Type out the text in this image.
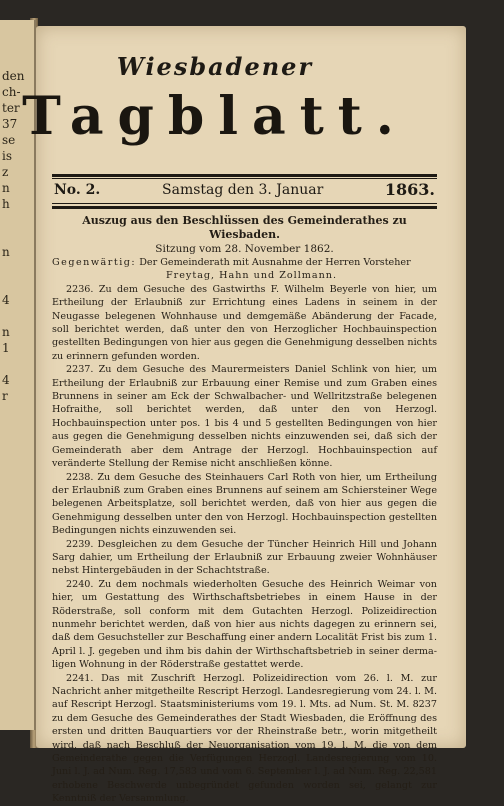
den
ch-
ter
37
se
is
z
n
h

n

4

n
1

4
r
Wiesbadener
Tagblatt.
No. 2.	Samstag den 3. Januar	1863.
Auszug aus den Beschlüssen des Gemeinderathes zu Wiesbaden.
Sitzung vom 28. November 1862.

Gegenwärtig: Der Gemeinderath mit Ausnahme der Herren Vorsteher

Freytag, Hahn und Zollmann.

2236. Zu dem Gesuche des Gastwirths F. Wilhelm Beyerle von hier, um Ertheilung der Erlaubniß zur Errichtung eines Ladens in seinem in der Neugasse belegenen Wohnhause und demgemäße Abänderung der Facade, soll berichtet werden, daß unter den von Herzoglicher Hochbauinspection gestellten Bedingungen von hier aus gegen die Genehmigung desselben nichts zu erinnern gefunden worden.

2237. Zu dem Gesuche des Maurermeisters Daniel Schlink von hier, um Ertheilung der Erlaubniß zur Erbauung einer Remise und zum Graben eines Brunnens in seiner am Eck der Schwalbacher- und Wellritzstraße belegenen Hofraithe, soll berichtet werden, daß unter den von Herzogl. Hochbauinspection unter pos. 1 bis 4 und 5 gestellten Bedingungen von hier aus gegen die Genehmigung desselben nichts einzuwenden sei, daß sich der Gemeinderath aber dem Antrage der Herzogl. Hochbauinspection auf veränderte Stellung der Remise nicht anschließen könne.

2238. Zu dem Gesuche des Steinhauers Carl Roth von hier, um Ertheilung der Erlaubniß zum Graben eines Brunnens auf seinem am Schiersteiner Wege belegenen Arbeitsplatze, soll berichtet werden, daß von hier aus gegen die Genehmigung desselben unter den von Herzogl. Hochbauinspection gestellten Bedingungen nichts einzuwenden sei.

2239. Desgleichen zu dem Gesuche der Tüncher Heinrich Hill und Johann Sarg dahier, um Ertheilung der Erlaubniß zur Erbauung zweier Wohnhäuser nebst Hintergebäuden in der Schachtstraße.

2240. Zu dem nochmals wiederholten Gesuche des Heinrich Weimar von hier, um Gestattung des Wirthschaftsbetriebes in einem Hause in der Röderstraße, soll conform mit dem Gutachten Herzogl. Polizeidirection nunmehr berichtet werden, daß von hier aus nichts dagegen zu erinnern sei, daß dem Gesuchsteller zur Beschaffung einer andern Localität Frist bis zum 1. April l. J. gegeben und ihm bis dahin der Wirthschaftsbetrieb in seiner dermaligen Wohnung in der Röderstraße gestattet werde.

2241. Das mit Zuschrift Herzogl. Polizeidirection vom 26. l. M. zur Nachricht anher mitgetheilte Rescript Herzogl. Landesregierung vom 24. l. M. auf Rescript Herzogl. Staatsministeriums vom 19. l. Mts. ad Num. St. M. 8237 zu dem Gesuche des Gemeinderathes der Stadt Wiesbaden, die Eröffnung des ersten und dritten Bauquartiers vor der Rheinstraße betr., worin mitgetheilt wird, daß nach Beschluß der Neuorganisation vom 19. l. M. die von dem Gemeinderathe gegen die Verfügungen Herzogl. Landesregierung vom 10. Juni l. J. ad Num. Reg. 17,583 und vom 6. September l. J. ad Num. Reg. 22,581 erhobene Beschwerde unbegründet gefunden worden sei, gelangt zur Kenntniß der Versammlung.
